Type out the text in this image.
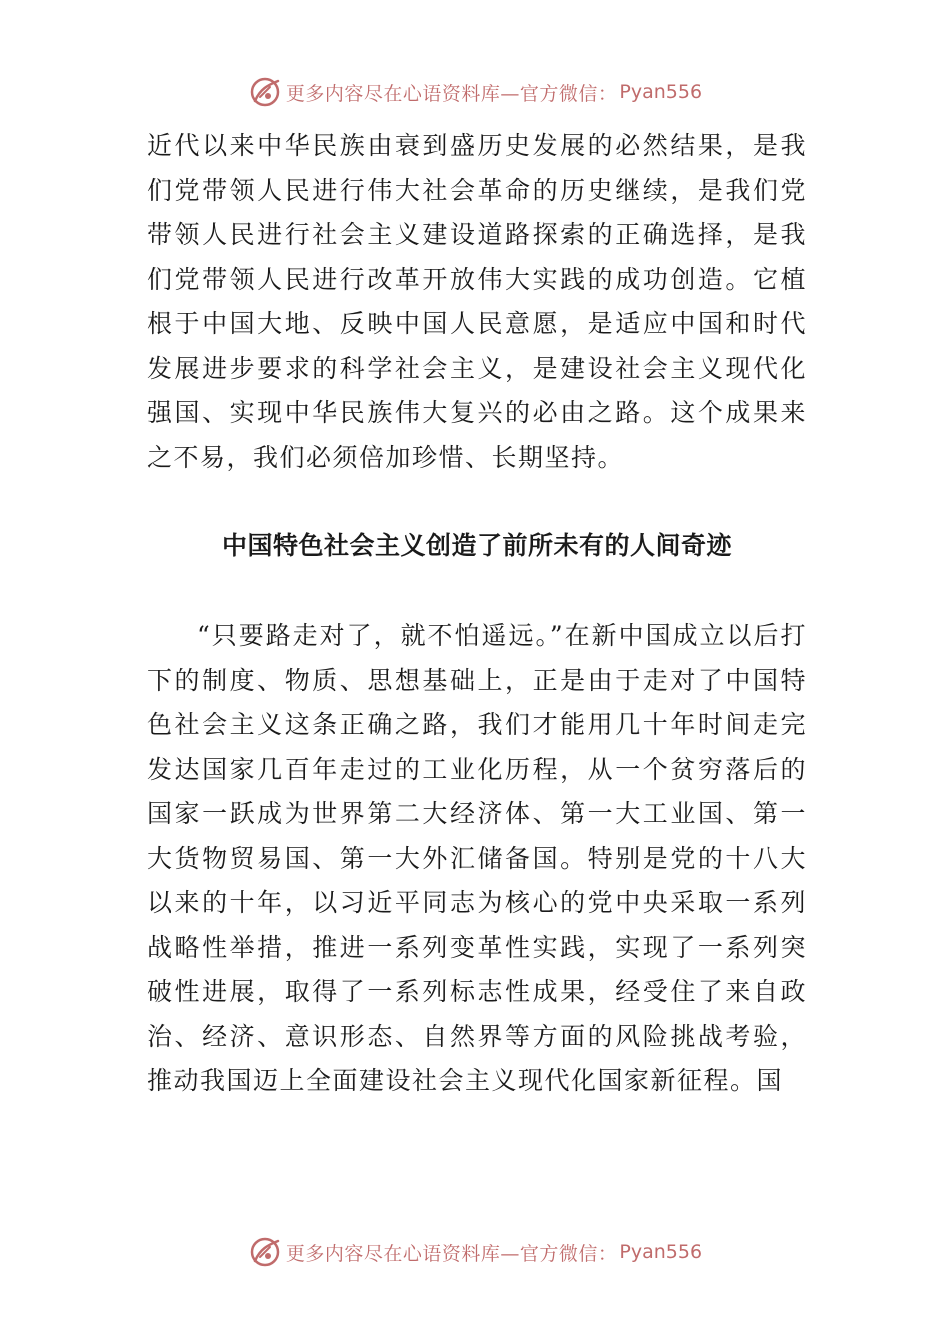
更多内容尽在心语资料库—官方微信： Pyan556

近代以来中华民族由衰到盛历史发展的必然结果，是我们党带领人民进行伟大社会革命的历史继续，是我们党带领人民进行社会主义建设道路探索的正确选择，是我们党带领人民进行改革开放伟大实践的成功创造。它植根于中国大地、反映中国人民意愿，是适应中国和时代发展进步要求的科学社会主义，是建设社会主义现代化强国、实现中华民族伟大复兴的必由之路。这个成果来之不易，我们必须倍加珍惜、长期坚持。

中国特色社会主义创造了前所未有的人间奇迹

“只要路走对了，就不怕遥远。”在新中国成立以后打下的制度、物质、思想基础上，正是由于走对了中国特色社会主义这条正确之路，我们才能用几十年时间走完发达国家几百年走过的工业化历程，从一个贫穷落后的国家一跃成为世界第二大经济体、第一大工业国、第一大货物贸易国、第一大外汇储备国。特别是党的十八大以来的十年，以习近平同志为核心的党中央采取一系列战略性举措，推进一系列变革性实践，实现了一系列突破性进展，取得了一系列标志性成果，经受住了来自政治、经济、意识形态、自然界等方面的风险挑战考验，推动我国迈上全面建设社会主义现代化国家新征程。国

更多内容尽在心语资料库—官方微信： Pyan556
